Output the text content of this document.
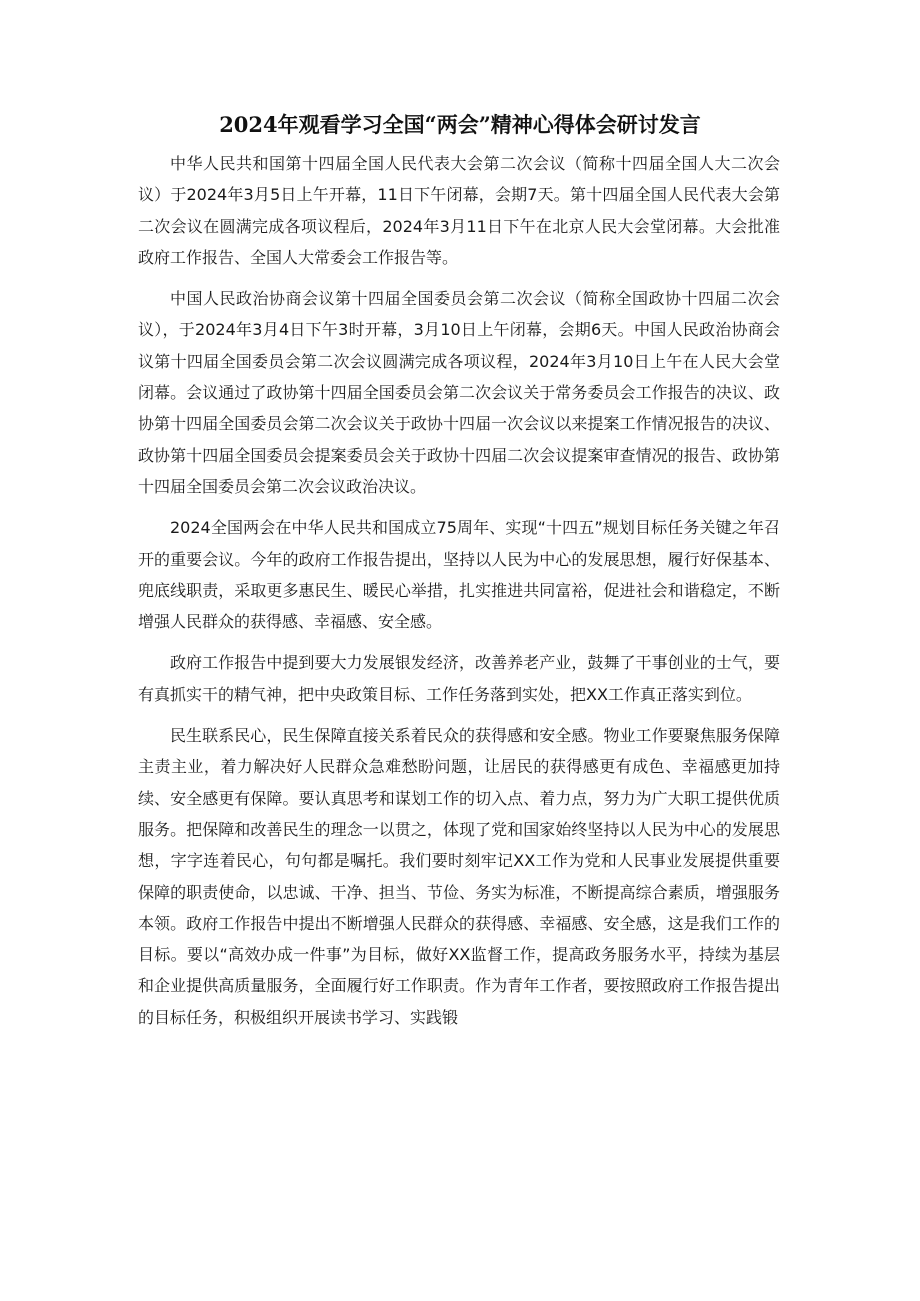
2024年观看学习全国“两会”精神心得体会研讨发言

中华人民共和国第十四届全国人民代表大会第二次会议（简称十四届全国人大二次会议）于2024年3月5日上午开幕，11日下午闭幕，会期7天。第十四届全国人民代表大会第二次会议在圆满完成各项议程后，2024年3月11日下午在北京人民大会堂闭幕。大会批准政府工作报告、全国人大常委会工作报告等。

中国人民政治协商会议第十四届全国委员会第二次会议（简称全国政协十四届二次会议），于2024年3月4日下午3时开幕，3月10日上午闭幕，会期6天。中国人民政治协商会议第十四届全国委员会第二次会议圆满完成各项议程，2024年3月10日上午在人民大会堂闭幕。会议通过了政协第十四届全国委员会第二次会议关于常务委员会工作报告的决议、政协第十四届全国委员会第二次会议关于政协十四届一次会议以来提案工作情况报告的决议、政协第十四届全国委员会提案委员会关于政协十四届二次会议提案审查情况的报告、政协第十四届全国委员会第二次会议政治决议。

2024全国两会在中华人民共和国成立75周年、实现“十四五”规划目标任务关键之年召开的重要会议。今年的政府工作报告提出，坚持以人民为中心的发展思想，履行好保基本、兜底线职责，采取更多惠民生、暖民心举措，扎实推进共同富裕，促进社会和谐稳定，不断增强人民群众的获得感、幸福感、安全感。

政府工作报告中提到要大力发展银发经济，改善养老产业，鼓舞了干事创业的士气，要有真抓实干的精气神，把中央政策目标、工作任务落到实处，把XX工作真正落实到位。

民生联系民心，民生保障直接关系着民众的获得感和安全感。物业工作要聚焦服务保障主责主业，着力解决好人民群众急难愁盼问题，让居民的获得感更有成色、幸福感更加持续、安全感更有保障。要认真思考和谋划工作的切入点、着力点，努力为广大职工提供优质服务。把保障和改善民生的理念一以贯之，体现了党和国家始终坚持以人民为中心的发展思想，字字连着民心，句句都是嘱托。我们要时刻牢记XX工作为党和人民事业发展提供重要保障的职责使命，以忠诚、干净、担当、节俭、务实为标准，不断提高综合素质，增强服务本领。政府工作报告中提出不断增强人民群众的获得感、幸福感、安全感，这是我们工作的目标。要以“高效办成一件事”为目标，做好XX监督工作，提高政务服务水平，持续为基层和企业提供高质量服务，全面履行好工作职责。作为青年工作者，要按照政府工作报告提出的目标任务，积极组织开展读书学习、实践锻
